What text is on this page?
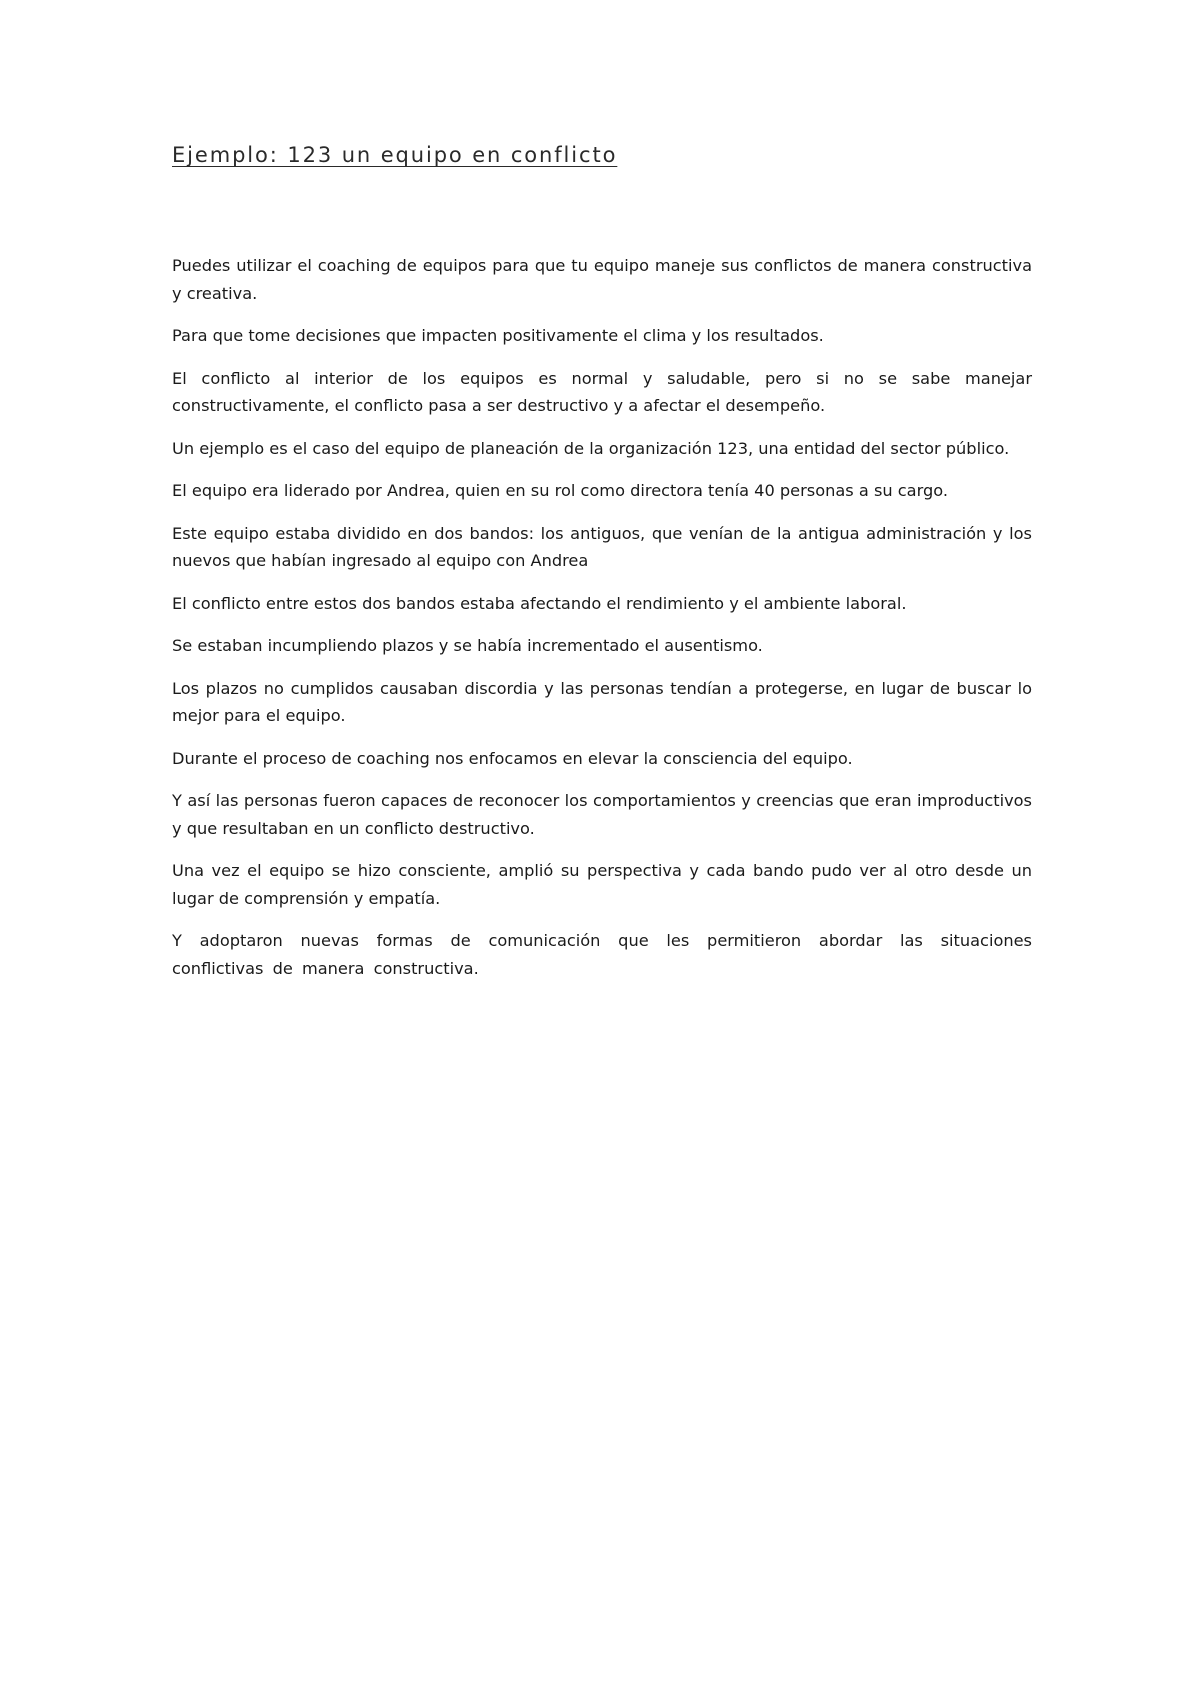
Ejemplo: 123 un equipo en conflicto

Puedes utilizar el coaching de equipos para que tu equipo maneje sus conflictos de manera constructiva y creativa.

Para que tome decisiones que impacten positivamente el clima y los resultados.

El conflicto al interior de los equipos es normal y saludable, pero si no se sabe manejar constructivamente, el conflicto pasa a ser destructivo y a afectar el desempeño.

Un ejemplo es el caso del equipo de planeación de la organización 123, una entidad del sector público.

El equipo era liderado por Andrea, quien en su rol como directora tenía 40 personas a su cargo.

Este equipo estaba dividido en dos bandos: los antiguos, que venían de la antigua administración y los nuevos que habían ingresado al equipo con Andrea

El conflicto entre estos dos bandos estaba afectando el rendimiento y el ambiente laboral.

Se estaban incumpliendo plazos y se había incrementado el ausentismo.

Los plazos no cumplidos causaban discordia y las personas tendían a protegerse, en lugar de buscar lo mejor para el equipo.

Durante el proceso de coaching nos enfocamos en elevar la consciencia del equipo.

Y así las personas fueron capaces de reconocer los comportamientos y creencias que eran improductivos y que resultaban en un conflicto destructivo.

Una vez el equipo se hizo consciente, amplió su perspectiva y cada bando pudo ver al otro desde un lugar de comprensión y empatía.

Y adoptaron nuevas formas de comunicación que les permitieron abordar las situaciones conflictivas de manera constructiva.
